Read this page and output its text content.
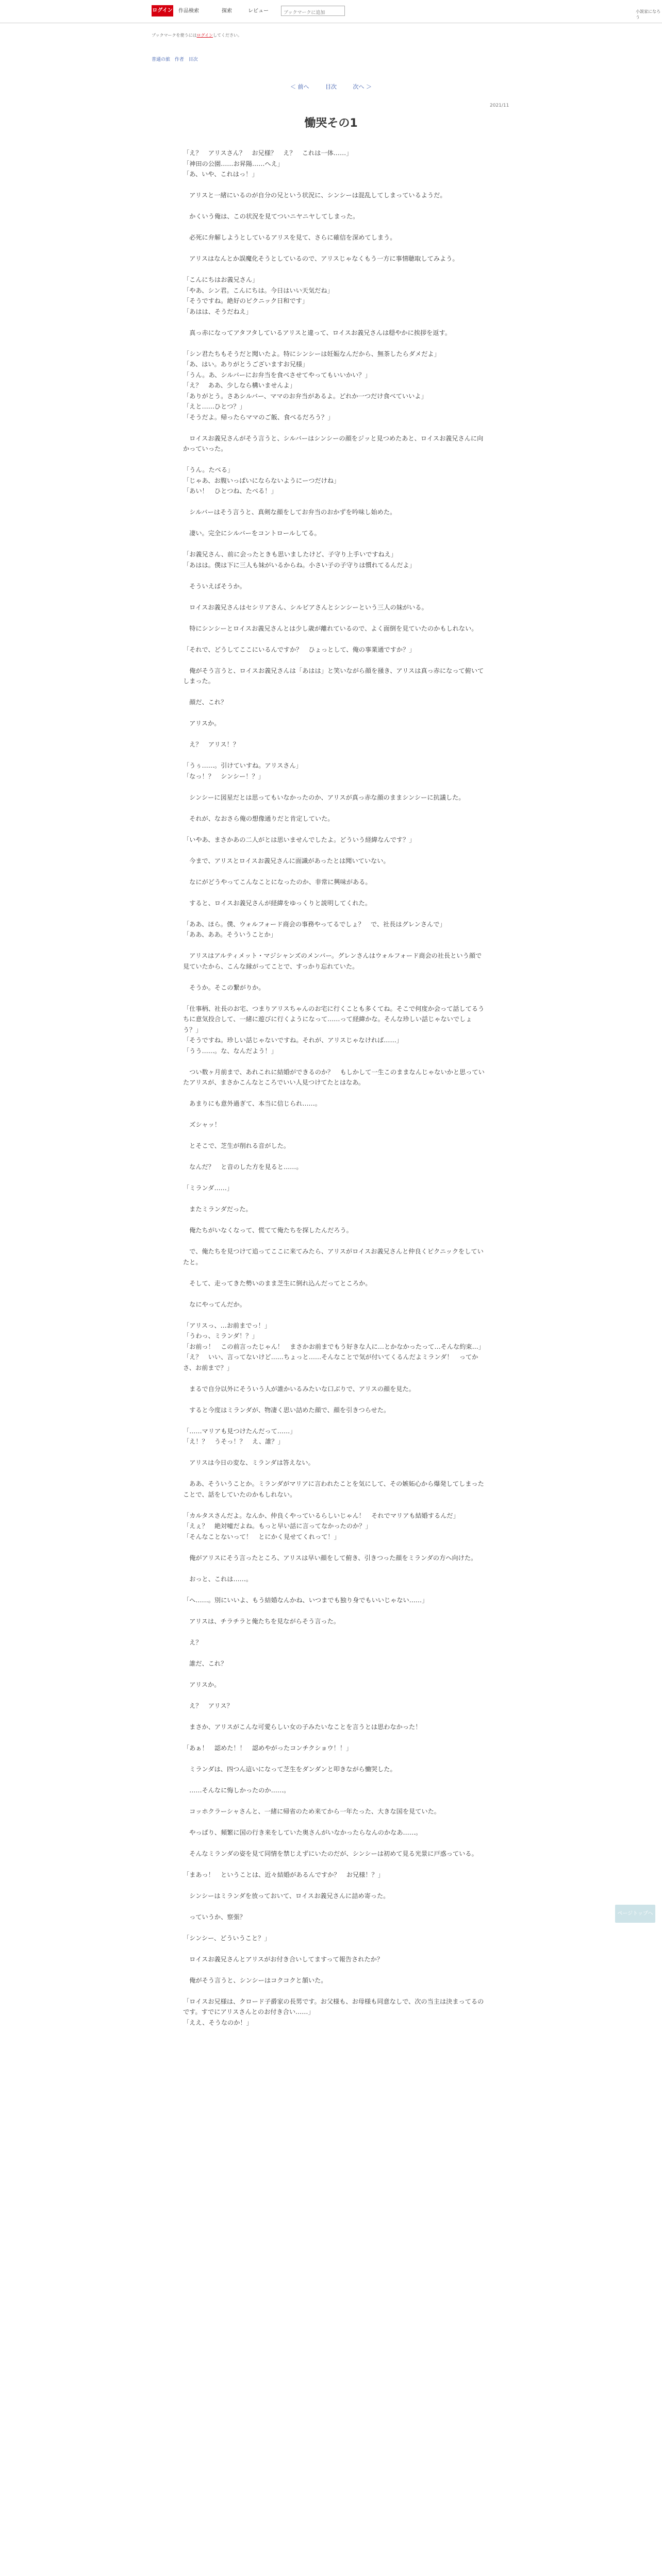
ログイン 作品検索	探索	レビュー
ブックマークに追加	小説家になろう
ブックマークを使うにはログインしてください。
普通の旅 作者 目次
＜ 前へ	目次	次へ ＞
2021/11
慟哭その1

「え？　アリスさん？　お兄様？　え？　これは一体……」
「神田の公園……お昇陽……へえ」
「あ、いや、これはっ！」

　アリスと一緒にいるのが自分の兄という状況に、シンシーは混乱してしまっているようだ。

　かくいう俺は、この状況を見てついニヤニヤしてしまった。

　必死に弁解しようとしているアリスを見て、さらに確信を深めてしまう。

　アリスはなんとか誤魔化そうとしているので、アリスじゃなくもう一方に事情聴取してみよう。

「こんにちはお義兄さん」
「やあ、シン君。こんにちは。今日はいい天気だね」
「そうですね。絶好のピクニック日和です」
「あはは、そうだねえ」

　真っ赤になってアタフタしているアリスと違って、ロイスお義兄さんは穏やかに挨拶を返す。

「シン君たちもそうだと聞いたよ。特にシンシーは妊娠なんだから、無茶したらダメだよ」
「あ、はい。ありがとうございますお兄様」
「うん。あ、シルバーにお弁当を食べさせてやってもいいかい？」
「え？　ああ、少しなら構いませんよ」
「ありがとう。さあシルバー、ママのお弁当があるよ。どれか一つだけ食べていいよ」
「えと……ひとつ？」
「そうだよ。帰ったらママのご飯、食べるだろう？」

　ロイスお義兄さんがそう言うと、シルバーはシンシーの顔をジッと見つめたあと、ロイスお義兄さんに向かっていった。

「うん。たべる」
「じゃあ、お腹いっぱいにならないようにーつだけね」
「あい！　ひとつね、たべる！」

　シルバーはそう言うと、真剣な顔をしてお弁当のおかずを吟味し始めた。

　凄い。完全にシルバーをコントロールしてる。

「お義兄さん、前に会ったときも思いましたけど、子守り上手いですねえ」
「あはは。僕は下に三人も妹がいるからね。小さい子の子守りは慣れてるんだよ」

　そういえばそうか。

　ロイスお義兄さんはセシリアさん、シルビアさんとシンシーという三人の妹がいる。

　特にシンシーとロイスお義兄さんとは少し歳が離れているので、よく面倒を見ていたのかもしれない。

「それで、どうしてここにいるんですか？　ひょっとして、俺の事業通ですか？」

　俺がそう言うと、ロイスお義兄さんは「あはは」と笑いながら顔を掻き、アリスは真っ赤になって俯いてしまった。

　顔だ、これ？

　アリスか。

　え？　アリス！？

「うぅ……。引けていすね。アリスさん」
「なっ！？　シンシー！？」

　シンシーに図星だとは思ってもいなかったのか、アリスが真っ赤な顔のままシンシーに抗議した。

　それが、なおさら俺の想像通りだと肯定していた。

「いやあ、まさかあの二人がとは思いませんでしたよ。どういう経緯なんです？」

　今まで、アリスとロイスお義兄さんに面識があったとは聞いていない。

　なにがどうやってこんなことになったのか、非常に興味がある。

　すると、ロイスお義兄さんが経緯をゆっくりと説明してくれた。

「ああ、ほら。僕、ウォルフォード商会の事務やってるでしょ？　で、社長はグレンさんで」
「ああ、ああ。そういうことか」

　アリスはアルティメット・マジシャンズのメンバー。グレンさんはウォルフォード商会の社長という顔で見ていたから、こんな縁がってことで、すっかり忘れていた。

　そうか。そこの繋がりか。

「仕事柄、社長のお宅、つまりアリスちゃんのお宅に行くことも多くてね。そこで何度か会って話してるうちに意気投合して、一緒に遊びに行くようになって……って経緯かな。そんな珍しい話じゃないでしょう？」
「そうですね。珍しい話じゃないですね。それが、アリスじゃなければ……」
「うう……。な、なんだよう！」

　つい数ヶ月前まで、あれこれに結婚ができるのか？　もしかして一生このままなんじゃないかと思っていたアリスが、まさかこんなところでいい人見つけてたとはなあ。

　あまりにも意外過ぎて、本当に信じられ……。

　ズシャッ！

　とそこで、芝生が削れる音がした。

　なんだ？　と音のした方を見ると……。

「ミランダ……」

　またミランダだった。

　俺たちがいなくなって、慌てて俺たちを探したんだろう。

　で、俺たちを見つけて追ってここに来てみたら、アリスがロイスお義兄さんと仲良くピクニックをしていたと。

　そして、走ってきた勢いのまま芝生に倒れ込んだってところか。

　なにやってんだか。

「アリスっ、…お前までっ！」
「うわっ、ミランダ！？」
「お前っ！　この前言ったじゃん！　まさかお前までもう好きな人に…とかなかったって…そんな約束…」
「え？　いい、言ってないけど……ちょっと……そんなことで気が付いてくるんだよミランダ！　ってかさ、お前まで？」

　まるで自分以外にそういう人が誰かいるみたいな口ぶりで、アリスの顔を見た。

　すると今度はミランダが、物凄く思い詰めた顔で、顔を引きつらせた。

「……マリアも見つけたんだって……」
「え！？　うそっ！？　え、誰？」

　アリスは今日の変な、ミランダは答えない。

　ああ、そういうことか。ミランダがマリアに言われたことを気にして、その嫉妬心から爆発してしまったことで、話をしていたのかもしれない。

「カルタスさんだよ。なんか、仲良くやっているらしいじゃん！　それでマリアも結婚するんだ」
「えぇ？　絶対嘘だよね。もっと早い話に言ってなかったのか？」
「そんなことないって！　とにかく見せてくれって！」

　俺がアリスにそう言ったところ、アリスは早い顔をして俯き、引きつった顔をミランダの方へ向けた。

　おっと、これは……。

「へ……。別にいいよ、もう結婚なんかね、いつまでも独り身でもいいじゃない……」

　アリスは、チラチラと俺たちを見ながらそう言った。

　え？

　誰だ、これ？

　アリスか。

　え？　アリス？

　まさか、アリスがこんな可愛らしい女の子みたいなことを言うとは思わなかった！

「あぁ！　認めた！！　認めやがったコンチクショウ！！」

　ミランダは、四つん這いになって芝生をダンダンと叩きながら慟哭した。

　……そんなに悔しかったのか……。

　コッホクラーシャさんと、一緒に帰省のため来てから一年たった、大きな国を見ていた。

　やっぱり、頻繁に国の行き来をしていた奥さんがいなかったらなんのかなあ……。

　そんなミランダの姿を見て同情を禁じえずにいたのだが、シンシーは初めて見る光景に戸惑っている。

「まあっ！　ということは、近々結婚があるんですか？　お兄様！？」

　シンシーはミランダを放っておいて、ロイスお義兄さんに詰め寄った。

　っていうか、察張？

「シンシー、どういうこと？」

　ロイスお義兄さんとアリスがお付き合いしてますって報告されたか？

　俺がそう言うと、シンシーはコクコクと頷いた。

「ロイスお兄様は、クロード子爵家の長男です。お父様も、お母様も同意なしで、次の当主は決まってるのです。すでにアリスさんとのお付き合い……」
「ええ、そうなのか！」

ページトップへ
